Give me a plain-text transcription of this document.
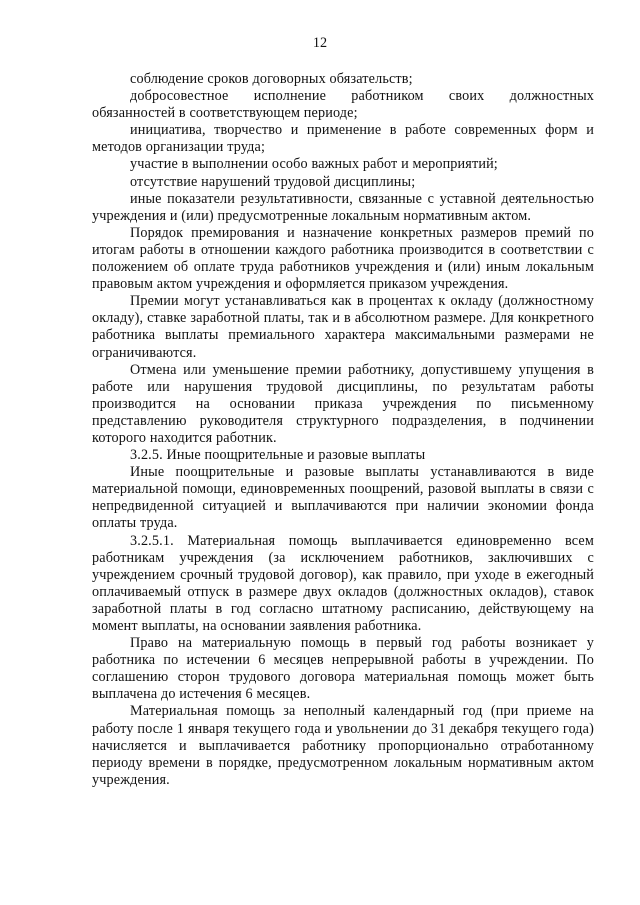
12

соблюдение сроков договорных обязательств;

добросовестное исполнение работником своих должностных обязанностей в соответствующем периоде;

инициатива, творчество и применение в работе современных форм и методов организации труда;

участие в выполнении особо важных работ и мероприятий;

отсутствие нарушений трудовой дисциплины;

иные показатели результативности, связанные с уставной деятельностью учреждения и (или) предусмотренные локальным нормативным актом.

Порядок премирования и назначение конкретных размеров премий по итогам работы в отношении каждого работника производится в соответствии с положением об оплате труда работников учреждения и (или) иным локальным правовым актом учреждения и оформляется приказом учреждения.

Премии могут устанавливаться как в процентах к окладу (должностному окладу), ставке заработной платы, так и в абсолютном размере. Для конкретного работника выплаты премиального характера максимальными размерами не ограничиваются.

Отмена или уменьшение премии работнику, допустившему упущения в работе или нарушения трудовой дисциплины, по результатам работы производится на основании приказа учреждения по письменному представлению руководителя структурного подразделения, в подчинении которого находится работник.

3.2.5. Иные поощрительные и разовые выплаты

Иные поощрительные и разовые выплаты устанавливаются в виде материальной помощи, единовременных поощрений, разовой выплаты в связи с непредвиденной ситуацией и выплачиваются при наличии экономии фонда оплаты труда.

3.2.5.1. Материальная помощь выплачивается единовременно всем работникам учреждения (за исключением работников, заключивших с учреждением срочный трудовой договор), как правило, при уходе в ежегодный оплачиваемый отпуск в размере двух окладов (должностных окладов), ставок заработной платы в год согласно штатному расписанию, действующему на момент выплаты, на основании заявления работника.

Право на материальную помощь в первый год работы возникает у работника по истечении 6 месяцев непрерывной работы в учреждении. По соглашению сторон трудового договора материальная помощь может быть выплачена до истечения 6 месяцев.

Материальная помощь за неполный календарный год (при приеме на работу после 1 января текущего года и увольнении до 31 декабря текущего года) начисляется и выплачивается работнику пропорционально отработанному периоду времени в порядке, предусмотренном локальным нормативным актом учреждения.
